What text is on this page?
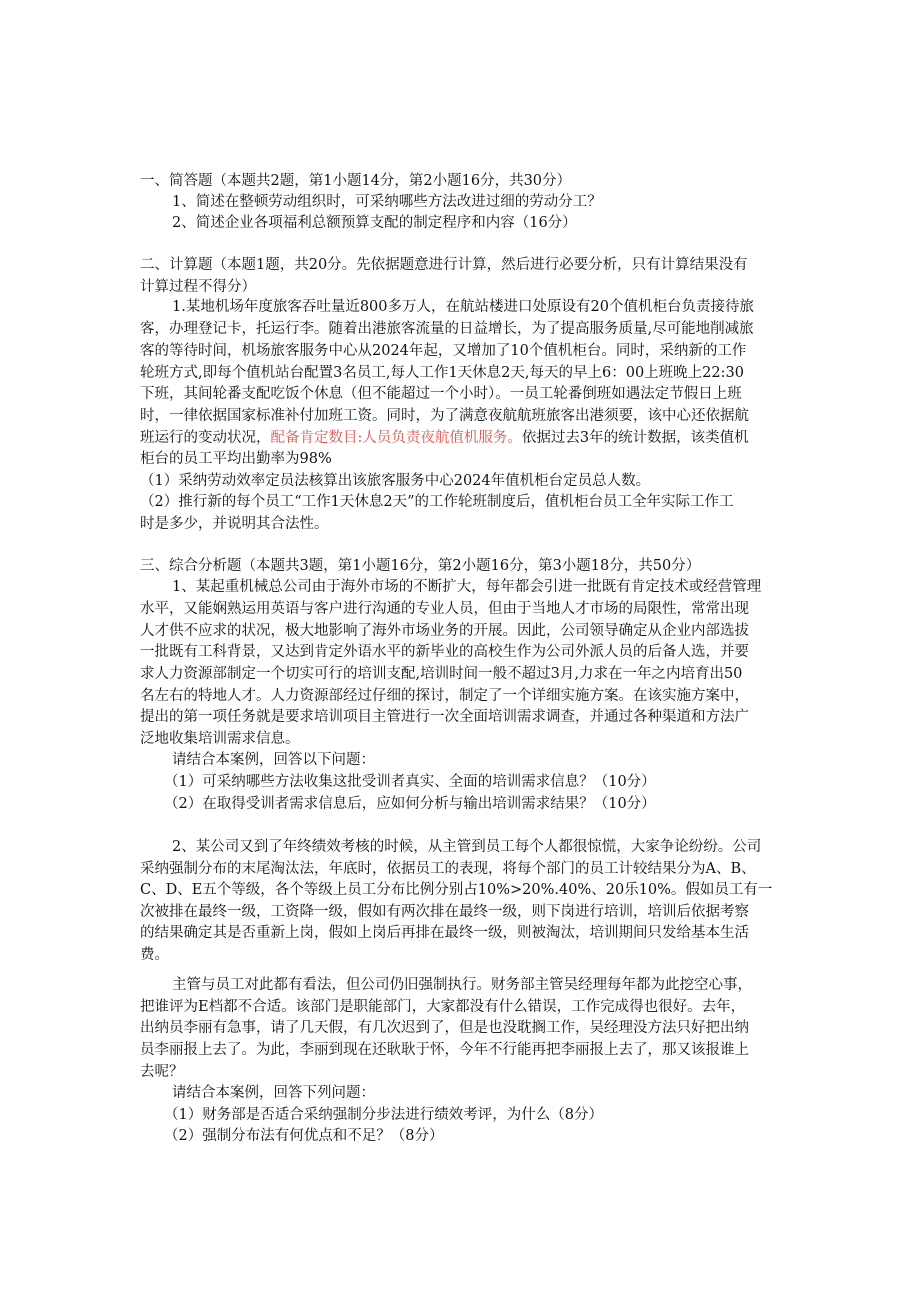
一、简答题（本题共2题，第1小题14分，第2小题16分，共30分）
1、简述在整顿劳动组织时，可采纳哪些方法改进过细的劳动分工？
2、简述企业各项福利总额预算支配的制定程序和内容（16分）
二、计算题（本题1题，共20分。先依据题意进行计算，然后进行必要分析，只有计算结果没有
计算过程不得分）
1.某地机场年度旅客吞吐量近800多万人，在航站楼进口处原设有20个值机柜台负责接待旅
客，办理登记卡，托运行李。随着出港旅客流量的日益增长，为了提高服务质量,尽可能地削减旅
客的等待时间，机场旅客服务中心从2024年起，又增加了10个值机柜台。同时，采纳新的工作
轮班方式,即每个值机站台配置3名员工,每人工作1天休息2天,每天的早上6：00上班晚上22:30
下班，其间轮番支配吃饭个休息（但不能超过一个小时）。一员工轮番倒班如遇法定节假日上班
时，一律依据国家标准补付加班工资。同时，为了满意夜航航班旅客出港须要，该中心还依据航
班运行的变动状况，配备肯定数目:人员负责夜航值机服务。依据过去3年的统计数据，该类值机
柜台的员工平均出勤率为98%
（1）采纳劳动效率定员法核算出该旅客服务中心2024年值机柜台定员总人数。
（2）推行新的每个员工“工作1天休息2天”的工作轮班制度后，值机柜台员工全年实际工作工
时是多少，并说明其合法性。
三、综合分析题（本题共3题，第1小题16分，第2小题16分，第3小题18分，共50分）
1、某起重机械总公司由于海外市场的不断扩大，每年都会引进一批既有肯定技术或经营管理
水平，又能娴熟运用英语与客户进行沟通的专业人员，但由于当地人才市场的局限性，常常出现
人才供不应求的状况，极大地影响了海外市场业务的开展。因此，公司领导确定从企业内部选拔
一批既有工科背景，又达到肯定外语水平的新毕业的高校生作为公司外派人员的后备人选，并要
求人力资源部制定一个切实可行的培训支配,培训时间一般不超过3月,力求在一年之内培育出50
名左右的特地人才。人力资源部经过仔细的探讨，制定了一个详细实施方案。在该实施方案中，
提出的第一项任务就是要求培训项目主管进行一次全面培训需求调查，并通过各种渠道和方法广
泛地收集培训需求信息。
请结合本案例，回答以下问题：
（1）可采纳哪些方法收集这批受训者真实、全面的培训需求信息？（10分）
（2）在取得受训者需求信息后，应如何分析与输出培训需求结果？（10分）
2、某公司又到了年终绩效考核的时候，从主管到员工每个人都很惊慌，大家争论纷纷。公司
采纳强制分布的末尾淘汰法，年底时，依据员工的表现，将每个部门的员工计较结果分为A、B、
C、D、E五个等级，各个等级上员工分布比例分别占10%>20%.40%、20乐10%。假如员工有一
次被排在最终一级，工资降一级，假如有两次排在最终一级，则下岗进行培训，培训后依据考察
的结果确定其是否重新上岗，假如上岗后再排在最终一级，则被淘汰，培训期间只发给基本生活
费。
主管与员工对此都有看法，但公司仍旧强制执行。财务部主管吴经理每年都为此挖空心事，
把谁评为E档都不合适。该部门是职能部门，大家都没有什么错误，工作完成得也很好。去年，
出纳员李丽有急事，请了几天假，有几次迟到了，但是也没耽搁工作，吴经理没方法只好把出纳
员李丽报上去了。为此，李丽到现在还耿耿于怀，今年不行能再把李丽报上去了，那又该报谁上
去呢？
请结合本案例，回答下列问题：
（1）财务部是否适合采纳强制分步法进行绩效考评，为什么（8分）
（2）强制分布法有何优点和不足？（8分）
